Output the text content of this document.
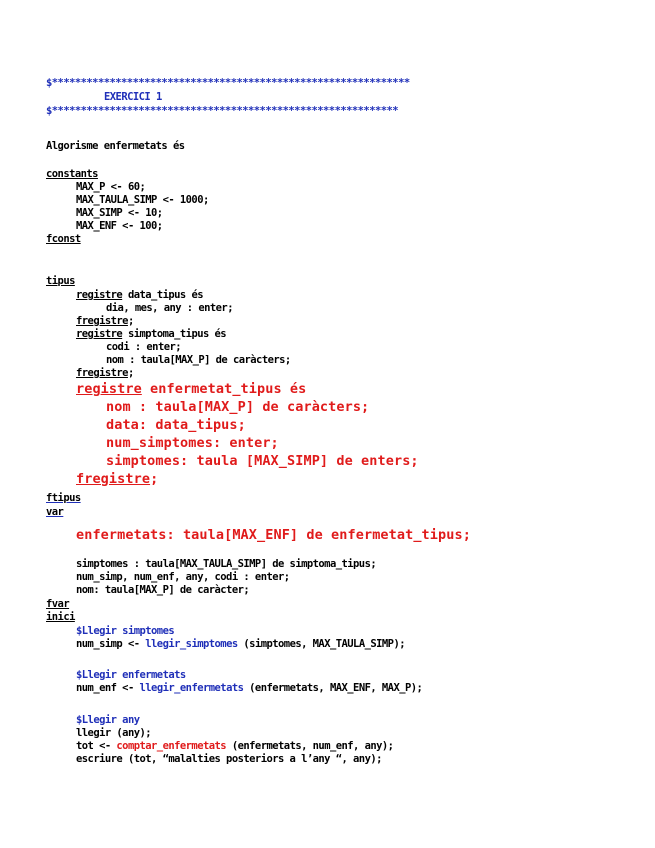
$**************************************************************
EXERCICI 1
$************************************************************
Algorisme enfermetats és
constants
MAX_P <- 60;
MAX_TAULA_SIMP <- 1000;
MAX_SIMP <- 10;
MAX_ENF <- 100;
fconst
tipus
registre data_tipus és
dia, mes, any : enter;
fregistre;
registre simptoma_tipus és
codi : enter;
nom : taula[MAX_P] de caràcters;
fregistre;
registre enfermetat_tipus és
nom : taula[MAX_P] de caràcters;
data: data_tipus;
num_simptomes: enter;
simptomes: taula [MAX_SIMP] de enters;
fregistre;
ftipus
var
enfermetats: taula[MAX_ENF] de enfermetat_tipus;
simptomes : taula[MAX_TAULA_SIMP] de simptoma_tipus;
num_simp, num_enf, any, codi : enter;
nom: taula[MAX_P] de caràcter;
fvar
inici
$Llegir simptomes
num_simp <- llegir_simptomes (simptomes, MAX_TAULA_SIMP);
$Llegir enfermetats
num_enf <- llegir_enfermetats (enfermetats, MAX_ENF, MAX_P);
$Llegir any
llegir (any);
tot <- comptar_enfermetats (enfermetats, num_enf, any);
escriure (tot, “malalties posteriors a l’any “, any);
